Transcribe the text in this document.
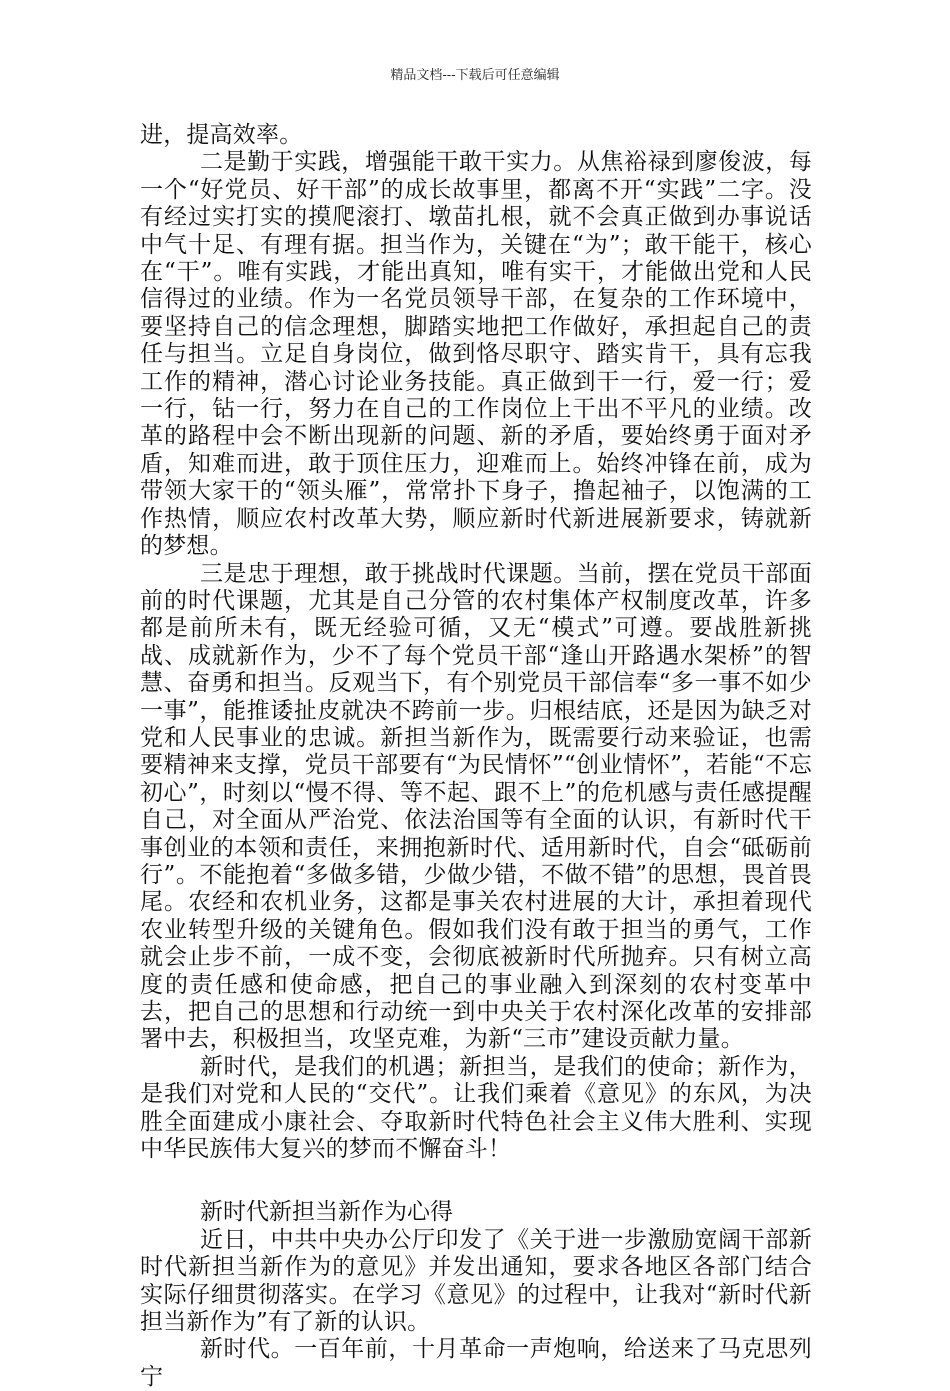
精品文档---下载后可任意编辑

进，提高效率。

二是勤于实践，增强能干敢干实力。从焦裕禄到廖俊波，每一个“好党员、好干部”的成长故事里，都离不开“实践”二字。没有经过实打实的摸爬滚打、墩苗扎根，就不会真正做到办事说话中气十足、有理有据。担当作为，关键在“为”；敢干能干，核心在“干”。唯有实践，才能出真知，唯有实干，才能做出党和人民信得过的业绩。作为一名党员领导干部，在复杂的工作环境中，要坚持自己的信念理想，脚踏实地把工作做好，承担起自己的责任与担当。立足自身岗位，做到恪尽职守、踏实肯干，具有忘我工作的精神，潜心讨论业务技能。真正做到干一行，爱一行；爱一行，钻一行，努力在自己的工作岗位上干出不平凡的业绩。改革的路程中会不断出现新的问题、新的矛盾，要始终勇于面对矛盾，知难而进，敢于顶住压力，迎难而上。始终冲锋在前，成为带领大家干的“领头雁”，常常扑下身子，撸起袖子，以饱满的工作热情，顺应农村改革大势，顺应新时代新进展新要求，铸就新的梦想。

三是忠于理想，敢于挑战时代课题。当前，摆在党员干部面前的时代课题，尤其是自己分管的农村集体产权制度改革，许多都是前所未有，既无经验可循，又无“模式”可遵。要战胜新挑战、成就新作为，少不了每个党员干部“逢山开路遇水架桥”的智慧、奋勇和担当。反观当下，有个别党员干部信奉“多一事不如少一事”，能推诿扯皮就决不跨前一步。归根结底，还是因为缺乏对党和人民事业的忠诚。新担当新作为，既需要行动来验证，也需要精神来支撑，党员干部要有“为民情怀”“创业情怀”，若能“不忘初心”，时刻以“慢不得、等不起、跟不上”的危机感与责任感提醒自己，对全面从严治党、依法治国等有全面的认识，有新时代干事创业的本领和责任，来拥抱新时代、适用新时代，自会“砥砺前行”。不能抱着“多做多错，少做少错，不做不错”的思想，畏首畏尾。农经和农机业务，这都是事关农村进展的大计，承担着现代农业转型升级的关键角色。假如我们没有敢于担当的勇气，工作就会止步不前，一成不变，会彻底被新时代所抛弃。只有树立高度的责任感和使命感，把自己的事业融入到深刻的农村变革中去，把自己的思想和行动统一到中央关于农村深化改革的安排部署中去，积极担当，攻坚克难，为新“三市”建设贡献力量。

新时代，是我们的机遇；新担当，是我们的使命；新作为，是我们对党和人民的“交代”。让我们乘着《意见》的东风，为决胜全面建成小康社会、夺取新时代特色社会主义伟大胜利、实现中华民族伟大复兴的梦而不懈奋斗！

新时代新担当新作为心得

近日，中共中央办公厅印发了《关于进一步激励宽阔干部新时代新担当新作为的意见》并发出通知，要求各地区各部门结合实际仔细贯彻落实。在学习《意见》的过程中，让我对“新时代新担当新作为”有了新的认识。

新时代。一百年前，十月革命一声炮响，给送来了马克思列宁
